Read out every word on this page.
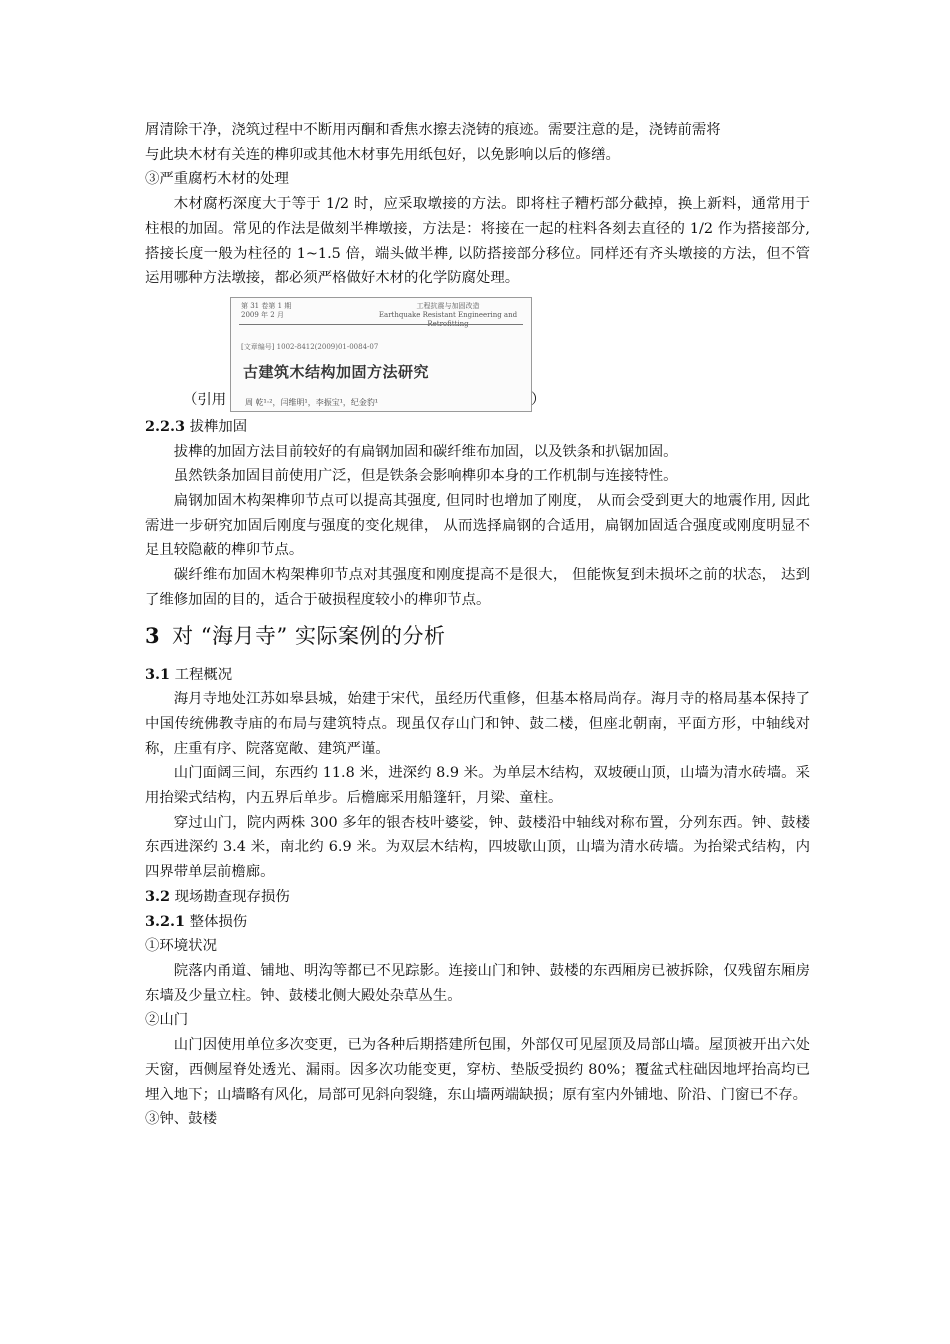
屑清除干净，浇筑过程中不断用丙酮和香焦水擦去浇铸的痕迹。需要注意的是，浇铸前需将
与此块木材有关连的榫卯或其他木材事先用纸包好，以免影响以后的修缮。

③严重腐朽木材的处理

木材腐朽深度大于等于 1/2 时，应采取墩接的方法。即将柱子糟朽部分截掉，换上新料，通常用于柱根的加固。常见的作法是做刻半榫墩接，方法是：将接在一起的柱料各刻去直径的 1/2 作为搭接部分, 搭接长度一般为柱径的 1~1.5 倍，端头做半榫, 以防搭接部分移位。同样还有齐头墩接的方法，但不管运用哪种方法墩接，都必须严格做好木材的化学防腐处理。

（引用
第 31 卷第 1 期
2009 年 2 月
工程抗震与加固改造
Earthquake Resistant Engineering and Retrofitting
[文章编号] 1002-8412(2009)01-0084-07
古建筑木结构加固方法研究
周 乾¹·²，闫维明¹，李振宝¹，纪金豹¹	）

2.2.3 拔榫加固

拔榫的加固方法目前较好的有扁钢加固和碳纤维布加固，以及铁条和扒锯加固。

虽然铁条加固目前使用广泛，但是铁条会影响榫卯本身的工作机制与连接特性。

扁钢加固木构架榫卯节点可以提高其强度, 但同时也增加了刚度， 从而会受到更大的地震作用, 因此需进一步研究加固后刚度与强度的变化规律， 从而选择扁钢的合适用，扁钢加固适合强度或刚度明显不足且较隐蔽的榫卯节点。

碳纤维布加固木构架榫卯节点对其强度和刚度提高不是很大， 但能恢复到未损坏之前的状态， 达到了维修加固的目的，适合于破损程度较小的榫卯节点。

3 对 “海月寺” 实际案例的分析

3.1 工程概况

海月寺地处江苏如皋县城，始建于宋代，虽经历代重修，但基本格局尚存。海月寺的格局基本保持了中国传统佛教寺庙的布局与建筑特点。现虽仅存山门和钟、鼓二楼，但座北朝南，平面方形，中轴线对称，庄重有序、院落宽敞、建筑严谨。

山门面阔三间，东西约 11.8 米，进深约 8.9 米。为单层木结构，双坡硬山顶，山墙为清水砖墙。采用抬梁式结构，内五界后单步。后檐廊采用船篷轩，月梁、童柱。

穿过山门，院内两株 300 多年的银杏枝叶婆娑，钟、鼓楼沿中轴线对称布置，分列东西。钟、鼓楼东西进深约 3.4 米，南北约 6.9 米。为双层木结构，四坡歇山顶，山墙为清水砖墙。为抬梁式结构，内四界带单层前檐廊。

3.2 现场勘查现存损伤

3.2.1 整体损伤

①环境状况

院落内甬道、铺地、明沟等都已不见踪影。连接山门和钟、鼓楼的东西厢房已被拆除，仅残留东厢房东墙及少量立柱。钟、鼓楼北侧大殿处杂草丛生。

②山门

山门因使用单位多次变更，已为各种后期搭建所包围，外部仅可见屋顶及局部山墙。屋顶被开出六处天窗，西侧屋脊处透光、漏雨。因多次功能变更，穿枋、垫版受损约 80%；覆盆式柱础因地坪抬高均已埋入地下；山墙略有风化，局部可见斜向裂缝，东山墙两端缺损；原有室内外铺地、阶沿、门窗已不存。

③钟、鼓楼
